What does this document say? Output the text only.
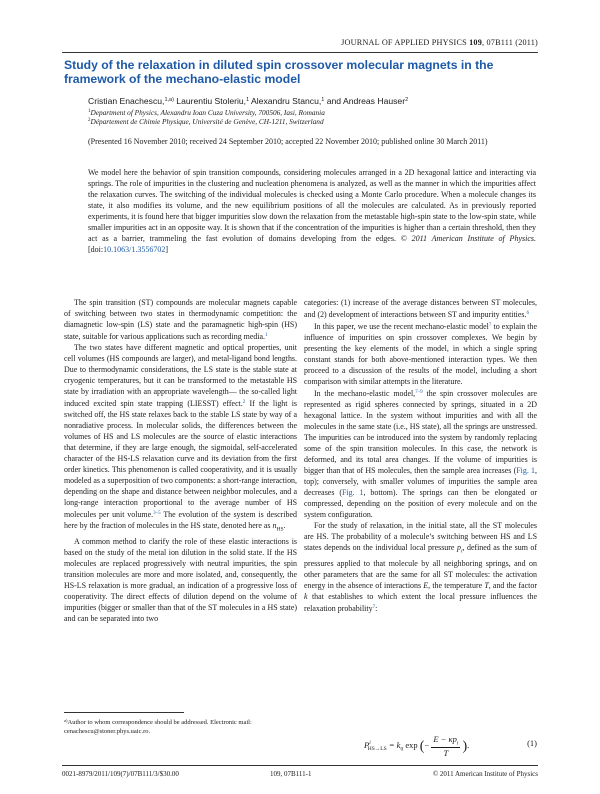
JOURNAL OF APPLIED PHYSICS 109, 07B111 (2011)
Study of the relaxation in diluted spin crossover molecular magnets in the framework of the mechano-elastic model
Cristian Enachescu,$^{1,a)}$ Laurentiu Stoleriu,$^1$ Alexandru Stancu,$^1$ and Andreas Hauser$^2$
$^1$Department of Physics, Alexandru Ioan Cuza University, 700506, Iasi, Romania
$^2$Département de Chimie Physique, Université de Genève, CH-1211, Switzerland
(Presented 16 November 2010; received 24 September 2010; accepted 22 November 2010; published online 30 March 2011)
We model here the behavior of spin transition compounds, considering molecules arranged in a 2D hexagonal lattice and interacting via springs. The role of impurities in the clustering and nucleation phenomena is analyzed, as well as the manner in which the impurities affect the relaxation curves. The switching of the individual molecules is checked using a Monte Carlo procedure. When a molecule changes its state, it also modifies its volume, and the new equilibrium positions of all the molecules are calculated. As in previously reported experiments, it is found here that bigger impurities slow down the relaxation from the metastable high-spin state to the low-spin state, while smaller impurities act in an opposite way. It is shown that if the concentration of the impurities is higher than a certain threshold, then they act as a barrier, trammeling the fast evolution of domains developing from the edges. © 2011 American Institute of Physics. [doi:10.1063/1.3556702]

The spin transition (ST) compounds are molecular magnets capable of switching between two states in thermodynamic competition: the diamagnetic low-spin (LS) state and the paramagnetic high-spin (HS) state, suitable for various applications such as recording media.$^1$

The two states have different magnetic and optical properties, unit cell volumes (HS compounds are larger), and metal-ligand bond lengths. Due to thermodynamic considerations, the LS state is the stable state at cryogenic temperatures, but it can be transformed to the metastable HS state by irradiation with an appropriate wavelength— the so-called light induced excited spin state trapping (LIESST) effect.$^2$ If the light is switched off, the HS state relaxes back to the stable LS state by way of a nonradiative process. In molecular solids, the differences between the volumes of HS and LS molecules are the source of elastic interactions that determine, if they are large enough, the sigmoidal, self-accelerated character of the HS-LS relaxation curve and its deviation from the first order kinetics. This phenomenon is called cooperativity, and it is usually modeled as a superposition of two components: a short-range interaction, depending on the shape and distance between neighbor molecules, and a long-range interaction proportional to the average number of HS molecules per unit volume.$^{3-5}$ The evolution of the system is described here by the fraction of molecules in the HS state, denoted here as $n_{HS}$.

A common method to clarify the role of these elastic interactions is based on the study of the metal ion dilution in the solid state. If the HS molecules are replaced progressively with neutral impurities, the spin transition molecules are more and more isolated, and, consequently, the HS-LS relaxation is more gradual, an indication of a progressive loss of cooperativity. The direct effects of dilution depend on the volume of impurities (bigger or smaller than that of the ST molecules in a HS state) and can be separated into two

categories: (1) increase of the average distances between ST molecules, and (2) development of interactions between ST and impurity entities.$^6$

In this paper, we use the recent mechano-elastic model$^7$ to explain the influence of impurities on spin crossover complexes. We begin by presenting the key elements of the model, in which a single spring constant stands for both above-mentioned interaction types. We then proceed to a discussion of the results of the model, including a short comparison with similar attempts in the literature.

In the mechano-elastic model,$^{7-9}$ the spin crossover molecules are represented as rigid spheres connected by springs, situated in a 2D hexagonal lattice. In the system without impurities and with all the molecules in the same state (i.e., HS state), all the springs are unstressed. The impurities can be introduced into the system by randomly replacing some of the spin transition molecules. In this case, the network is deformed, and its total area changes. If the volume of impurities is bigger than that of HS molecules, then the sample area increases (Fig. 1, top); conversely, with smaller volumes of impurities the sample area decreases (Fig. 1, bottom). The springs can then be elongated or compressed, depending on the position of every molecule and on the system configuration.

For the study of relaxation, in the initial state, all the ST molecules are HS. The probability of a molecule’s switching between HS and LS states depends on the individual local pressure $p_i$, defined as the sum of pressures applied to that molecule by all neighboring springs, and on other parameters that are the same for all ST molecules: the activation energy in the absence of interactions E, the temperature T, and the factor k that establishes to which extent the local pressure influences the relaxation probability$^7$:

$^{a)}$Author to whom correspondence should be addressed. Electronic mail: cenachescu@stoner.phys.uaic.ro.
$P^i_{HS\to LS} = k_0$ exp (−
$E - \kappa p_i$
T	).	(1)
0021-8979/2011/109(7)/07B111/3/$30.00	109, 07B111-1	© 2011 American Institute of Physics
